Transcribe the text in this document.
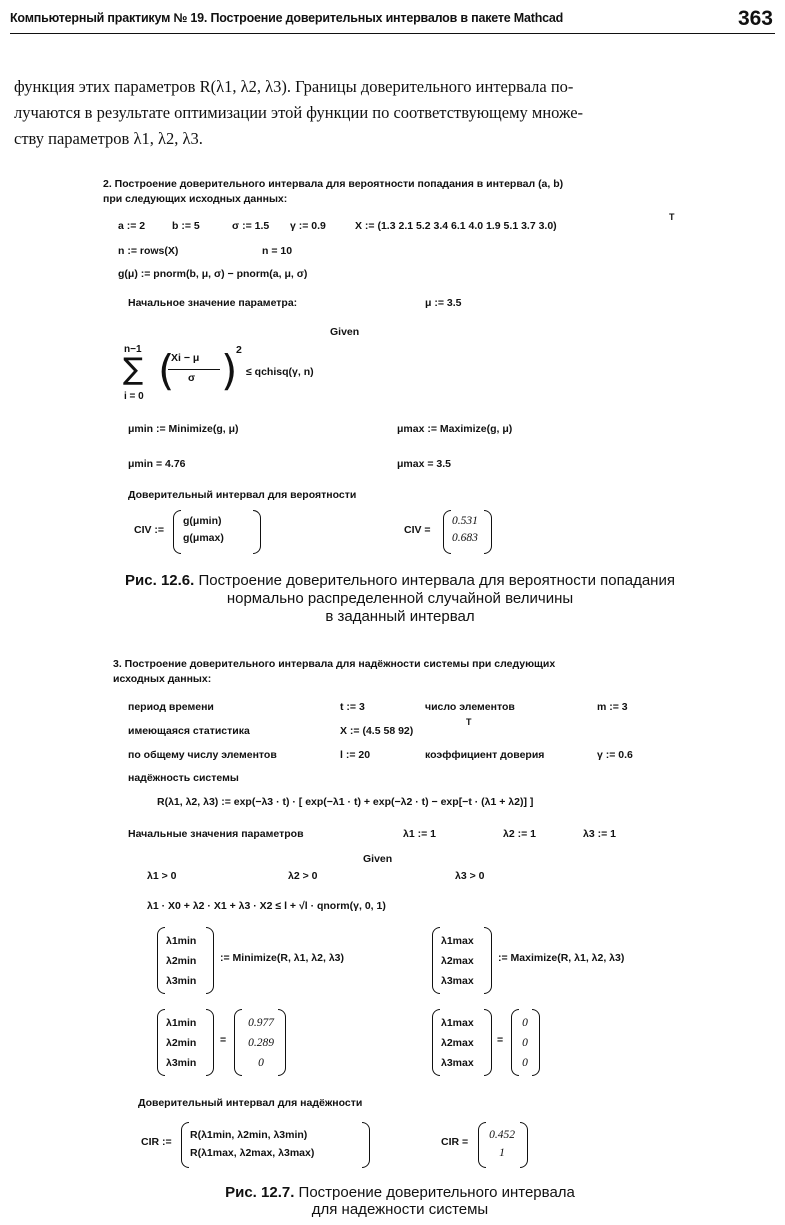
Компьютерный практикум № 19. Построение доверительных интервалов в пакете Mathcad	363

функция этих параметров R(λ1, λ2, λ3). Границы доверительного интервала по-

лучаются в результате оптимизации этой функции по соответствующему множе-

ству параметров λ1, λ2, λ3.

2. Построение доверительного интервала для вероятности попадания в интервал (a, b)
при следующих исходных данных:
a := 2	b := 5	σ := 1.5 γ := 0.9	X := (1.3 2.1 5.2 3.4 6.1 4.0 1.9 5.1 3.7 3.0)
T
n := rows(X)	n = 10
g(μ) := pnorm(b, μ, σ) − pnorm(a, μ, σ)
Начальное значение параметра:	μ := 3.5
Given
n−1
∑
i = 0
(
Xi − μ
σ )
2
≤ qchisq(γ, n)
μmin := Minimize(g, μ)	μmax := Maximize(g, μ)
μmin = 4.76	μmax = 3.5
Доверительный интервал для вероятности
CIV :=
g(μmin)
g(μmax)
CIV =
0.531
0.683
Рис. 12.6. Построение доверительного интервала для вероятности попадания
нормально распределенной случайной величины
в заданный интервал
3. Построение доверительного интервала для надёжности системы при следующих
исходных данных:
период времени	t := 3	число элементов	m := 3
имеющаяся статистика	X := (4.5 58 92)
T
по общему числу элементов	l := 20	коэффициент доверия	γ := 0.6
надёжность системы
R(λ1, λ2, λ3) := exp(−λ3 · t) · [ exp(−λ1 · t) + exp(−λ2 · t) − exp[−t · (λ1 + λ2)] ]
Начальные значения параметров	λ1 := 1	λ2 := 1	λ3 := 1
Given
λ1 > 0	λ2 > 0	λ3 > 0
λ1 · X0 + λ2 · X1 + λ3 · X2 ≤ l + √l · qnorm(γ, 0, 1)
λ1min
λ2min
λ3min
:= Minimize(R, λ1, λ2, λ3)
λ1max
λ2max
λ3max
:= Maximize(R, λ1, λ2, λ3)
λ1min
λ2min
λ3min
=
0.977
0.289
0
λ1max
λ2max
λ3max
=
0
0
0
Доверительный интервал для надёжности
CIR :=
R(λ1min, λ2min, λ3min)
R(λ1max, λ2max, λ3max)
CIR =
0.452
1
Рис. 12.7. Построение доверительного интервала
для надежности системы
